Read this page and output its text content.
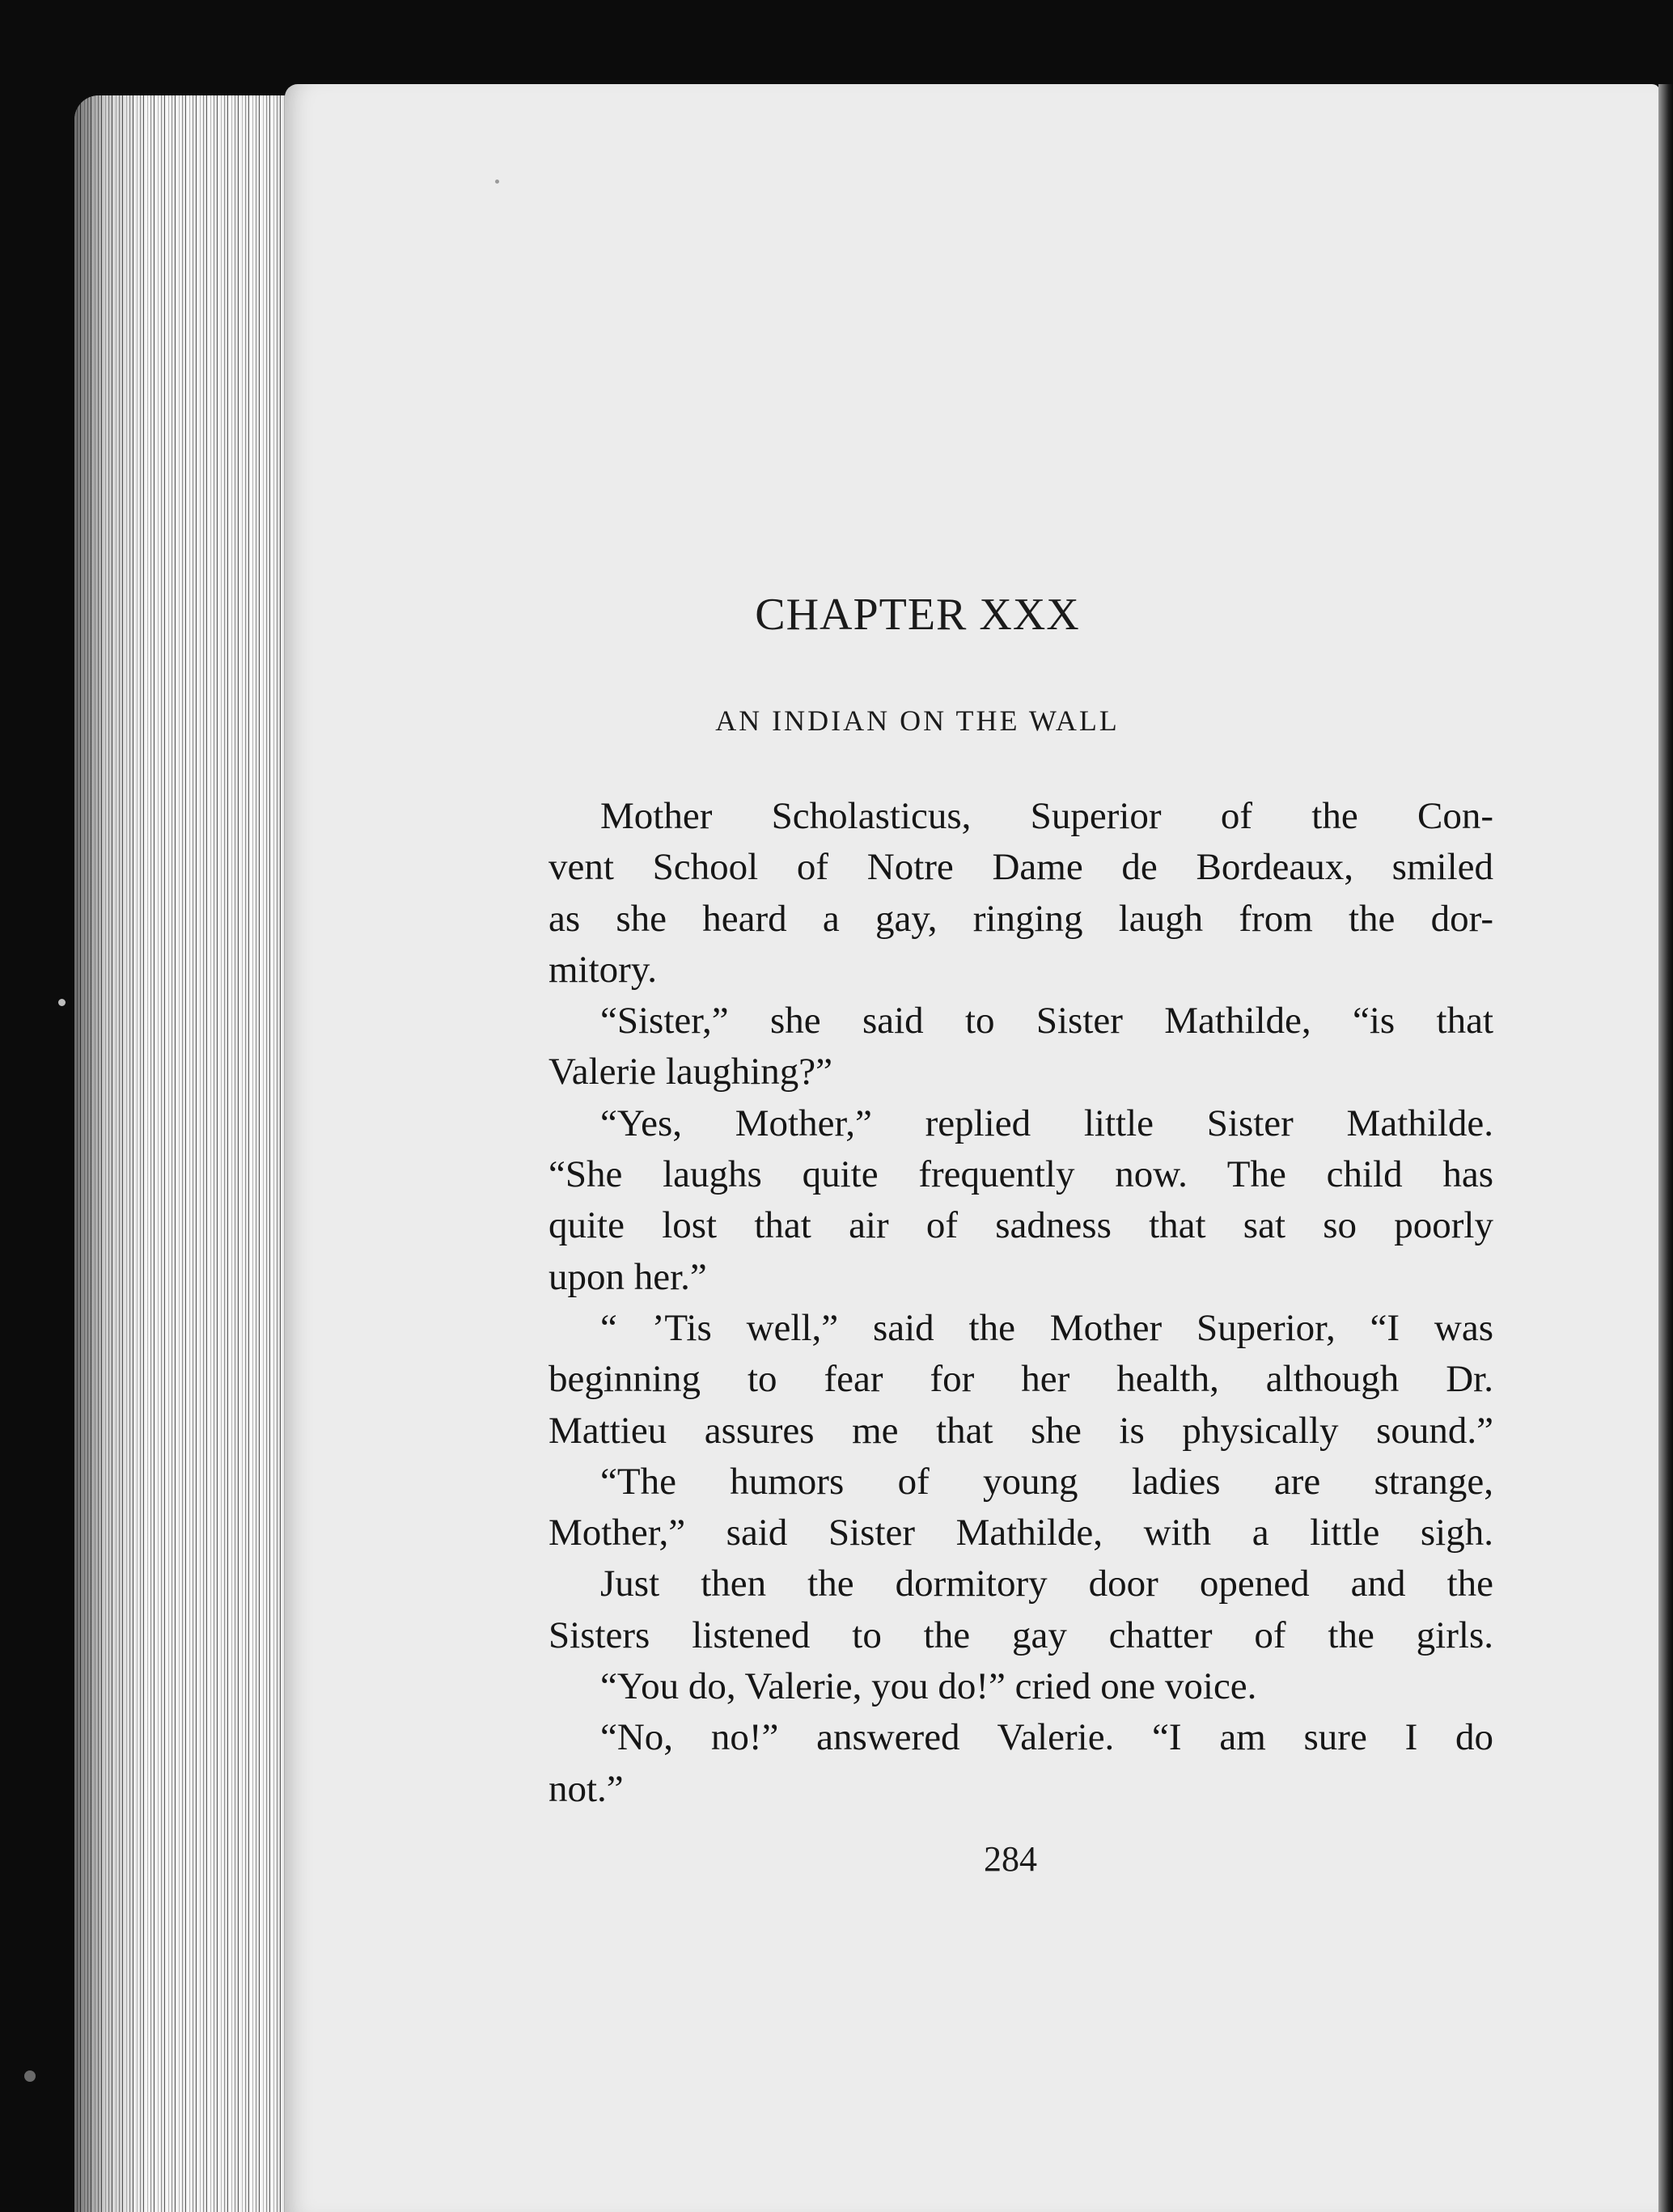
CHAPTER XXX
AN INDIAN ON THE WALL

Mother Scholasticus, Superior of the Con-
vent School of Notre Dame de Bordeaux, smiled
as she heard a gay, ringing laugh from the dor-
mitory.

“Sister,” she said to Sister Mathilde, “is that
Valerie laughing?”

“Yes, Mother,” replied little Sister Mathilde.
“She laughs quite frequently now. The child has
quite lost that air of sadness that sat so poorly
upon her.”

“ ’Tis well,” said the Mother Superior, “I was
beginning to fear for her health, although Dr.
Mattieu assures me that she is physically sound.”

“The humors of young ladies are strange,
Mother,” said Sister Mathilde, with a little sigh.

Just then the dormitory door opened and the
Sisters listened to the gay chatter of the girls.

“You do, Valerie, you do!” cried one voice.

“No, no!” answered Valerie. “I am sure I do
not.”

284
